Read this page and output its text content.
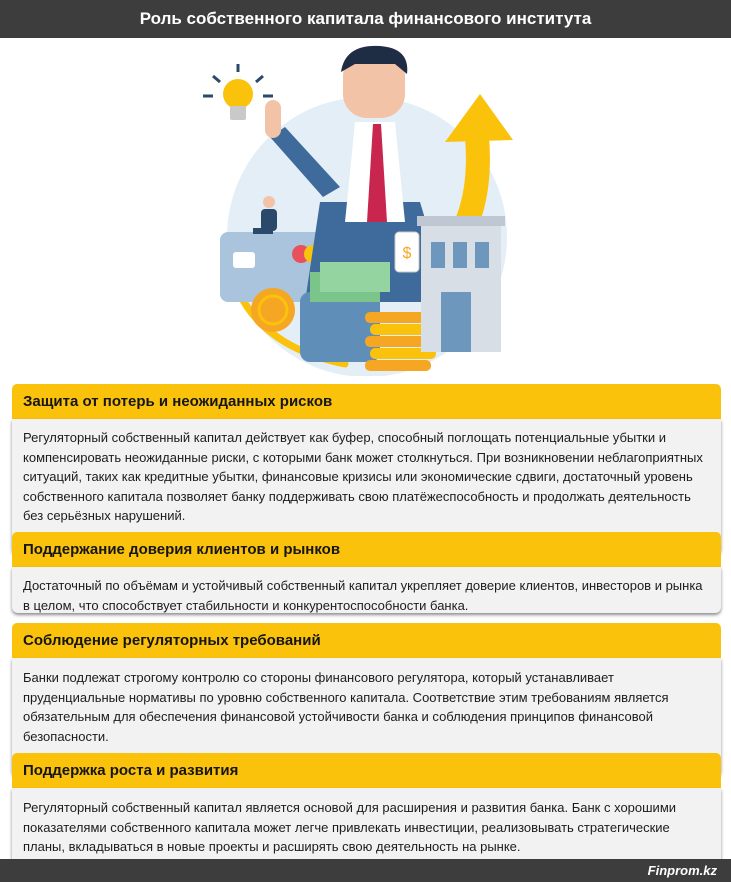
Роль собственного капитала финансового института
$
Защита от потерь и неожиданных рисков
Регуляторный собственный капитал действует как буфер, способный поглощать потенциальные убытки и компенсировать неожиданные риски, с которыми банк может столкнуться. При возникновении неблагоприятных ситуаций, таких как кредитные убытки, финансовые кризисы или экономические сдвиги, достаточный уровень собственного капитала позволяет банку поддерживать свою платёжеспособность и продолжать деятельность без серьёзных нарушений.
Поддержание доверия клиентов и рынков
Достаточный по объёмам и устойчивый собственный капитал укрепляет доверие клиентов, инвесторов и рынка в целом, что способствует стабильности и конкурентоспособности банка.
Соблюдение регуляторных требований
Банки подлежат строгому контролю со стороны финансового регулятора, который устанавливает пруденциальные нормативы по уровню собственного капитала. Соответствие этим требованиям является обязательным для обеспечения финансовой устойчивости банка и соблюдения принципов финансовой безопасности.
Поддержка роста и развития
Регуляторный собственный капитал является основой для расширения и развития банка. Банк с хорошими показателями собственного капитала может легче привлекать инвестиции, реализовывать стратегические планы, вкладываться в новые проекты и расширять свою деятельность на рынке.
Finprom.kz
